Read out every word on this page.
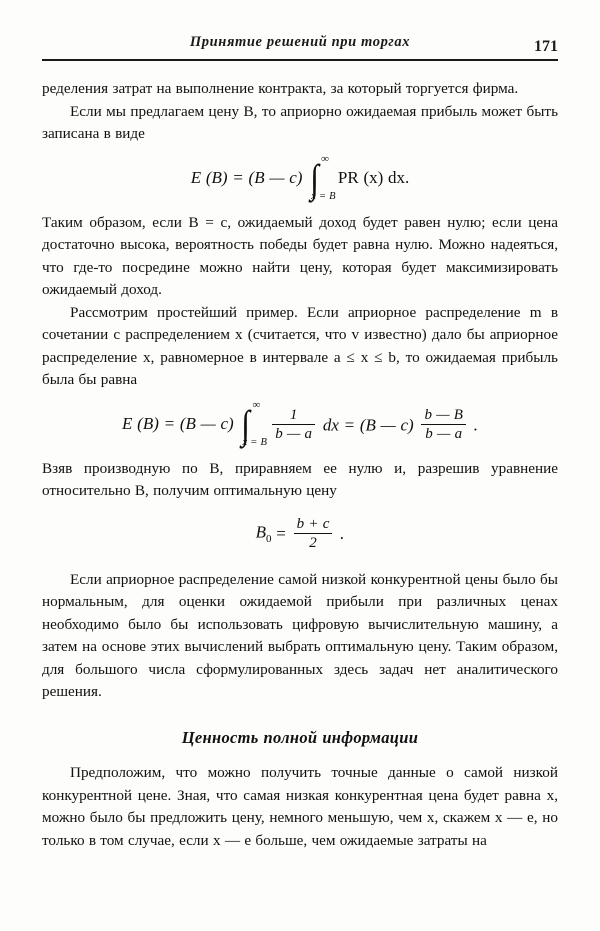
Принятие решений при торгах	171

ределения затрат на выполнение контракта, за который торгуется фирма.

Если мы предлагаем цену B, то априорно ожидаемая прибыль может быть записана в виде

E (B) = (B — c) ∫ ∞
x = B
PR (x) dx.

Таким образом, если B = c, ожидаемый доход будет равен нулю; если цена достаточно высока, вероятность победы будет равна нулю. Можно надеяться, что где-то посредине можно найти цену, которая будет максимизировать ожидаемый доход.

Рассмотрим простейший пример. Если априорное распределение m в сочетании с распределением x (считается, что v известно) дало бы априорное распределение x, равномерное в интервале a ≤ x ≤ b, то ожидаемая прибыль была бы равна

E (B) = (B — c) ∫ ∞
x = B

$\frac{1}{b — a}$ dx = (B — $c) \frac{b — B}{b — a}$ .

Взяв производную по B, приравняем ее нулю и, разрешив уравнение относительно B, получим оптимальную цену

$B_0 = \frac{b + c}{2}$ .

Если априорное распределение самой низкой конкурентной цены было бы нормальным, для оценки ожидаемой прибыли при различных ценах необходимо было бы использовать цифровую вычислительную машину, а затем на основе этих вычислений выбрать оптимальную цену. Таким образом, для большого числа сформулированных здесь задач нет аналитического решения.

Ценность полной информации

Предположим, что можно получить точные данные о самой низкой конкурентной цене. Зная, что самая низкая конкурентная цена будет равна x, можно было бы предложить цену, немного меньшую, чем x, скажем x — e, но только в том случае, если x — e больше, чем ожидаемые затраты на
